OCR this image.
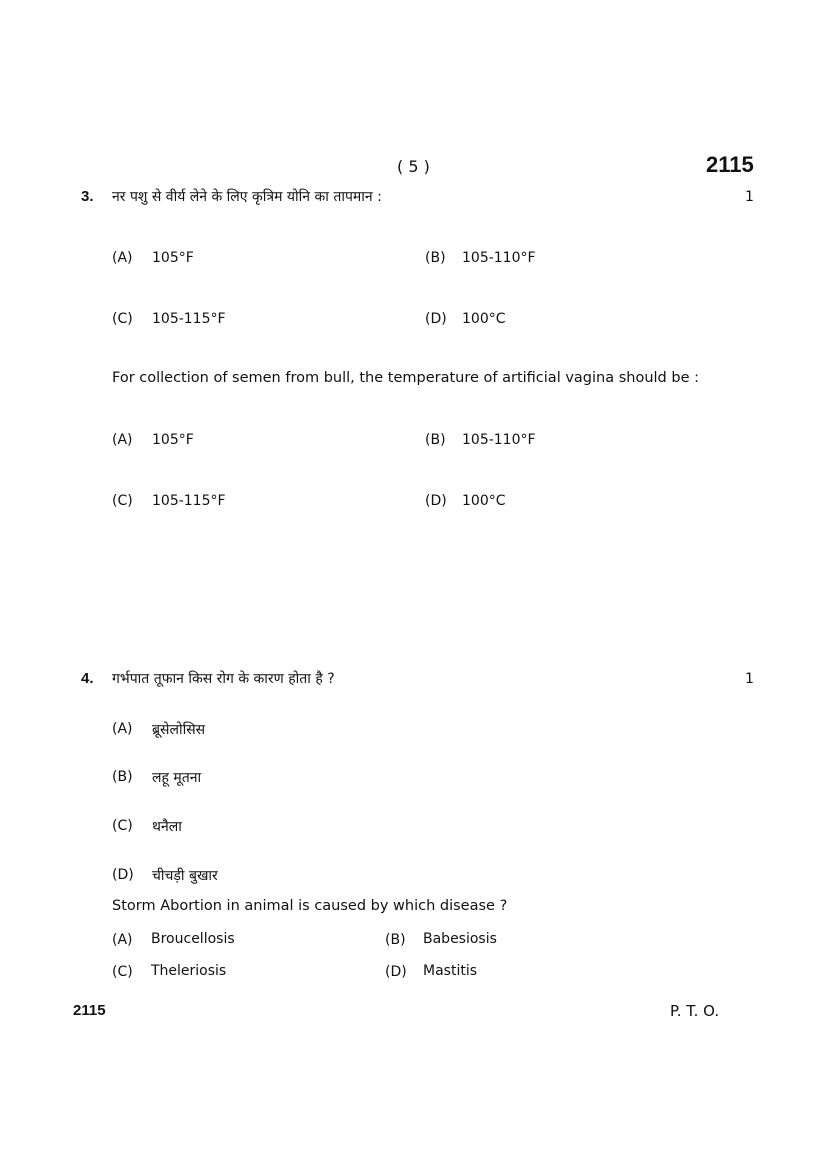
( 5 )	2115
3. नर पशु से वीर्य लेने के लिए कृत्रिम योनि का तापमान :	1
(A) 105°F	(B) 105-110°F
(C) 105-115°F	(D) 100°C
For collection of semen from bull, the temperature of artificial vagina should be :
(A) 105°F	(B) 105-110°F
(C) 105-115°F	(D) 100°C
4. गर्भपात तूफान किस रोग के कारण होता है ?	1
(A) ब्रूसेलोसिस
(B) लहू मूतना
(C) थनैला
(D) चीचड़ी बुखार
Storm Abortion in animal is caused by which disease ?
(A) Broucellosis	(B) Babesiosis
(C) Theleriosis	(D) Mastitis
2115	P. T. O.
